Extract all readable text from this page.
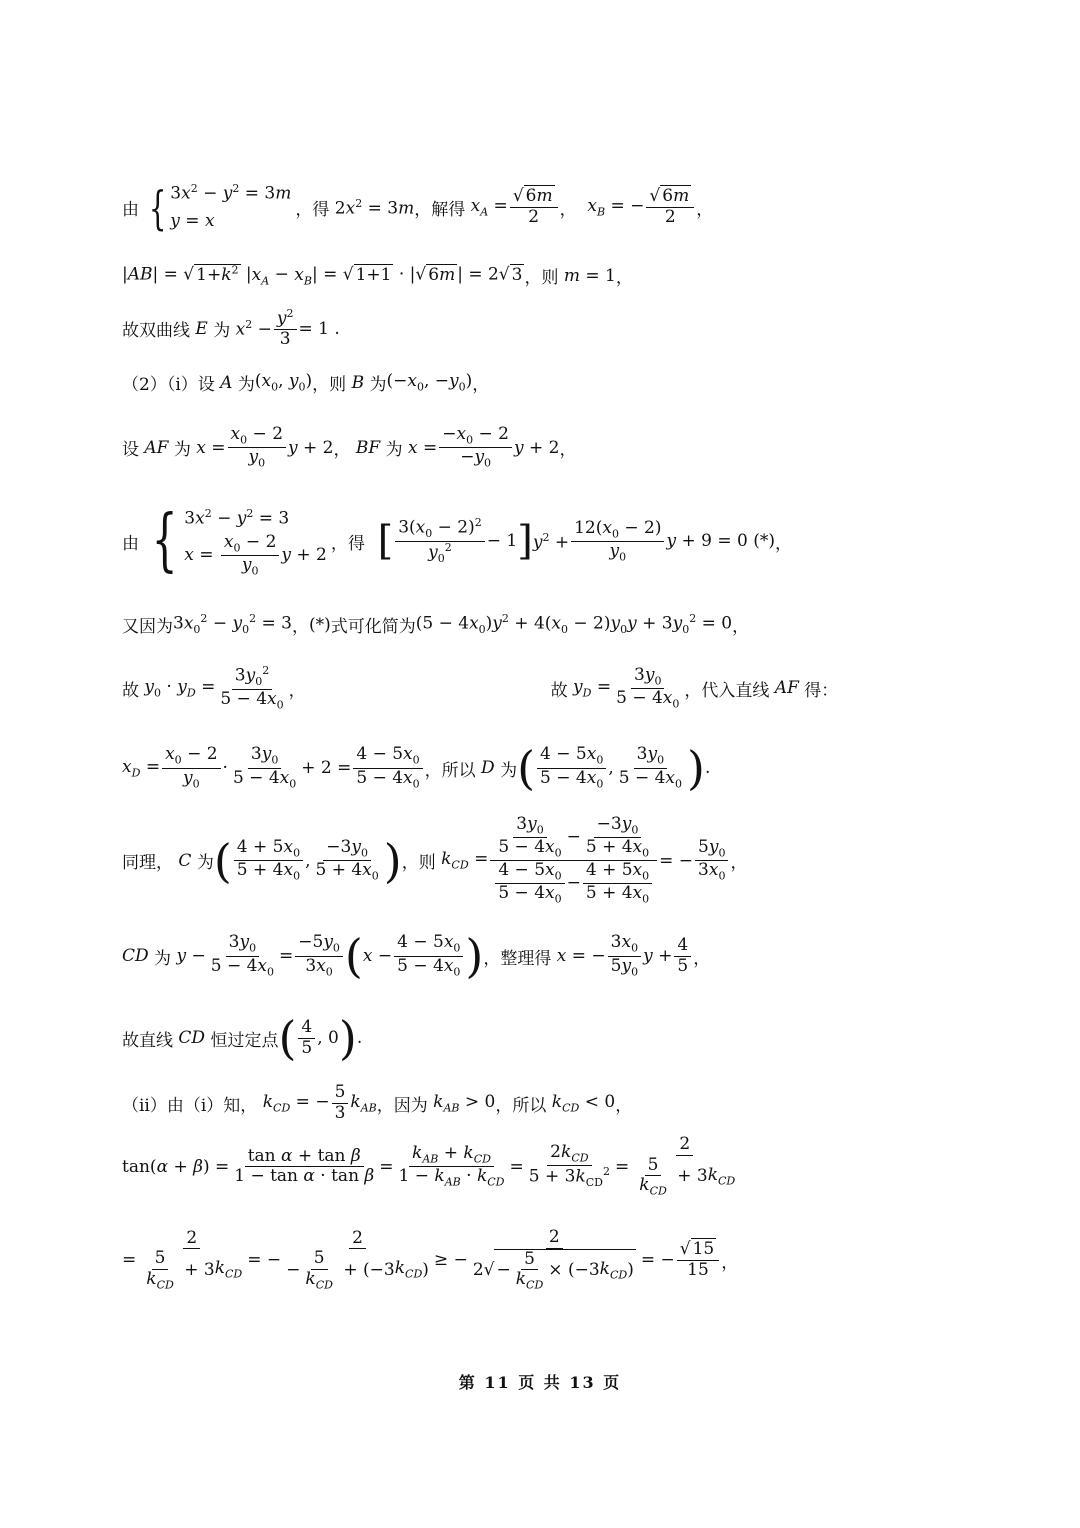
由 { $3x^2 - y^2 = 3m$
y = x
，得 $2x^2 = 3m$ ，解得 $x_A = \frac{√ 6m}{2}$ ， $x_B$ = − $\frac{√ 6m}{2}$ ，
|AB| = √ $1+k^2$ $|x_A - x_B|$ = √ 1+1 · |√ 6m | = 2√ 3 ，则 m = 1 ，
故双曲线 E 为 $x^2 - \frac{y^2}{3} = 1$ .
（2）（i）设 A 为 ($x_0$, $y_0$) ，则 B 为 ($-x_0$, $-y_0$) ，
设 AF 为 $x = \frac{x_0 - 2}{y_0}$ y + 2 ， BF 为 $x = \frac{-x_0 - 2}{-y_0}$ y + 2 ，
由 { $3x^2 - y^2 = 3$
$x = \frac{x_0 - 2}{y_0}$ y + 2
，得 [ $\frac{3(x_0 - 2)^2}{y_0^2} - 1$ ] $y^2 + \frac{12(x_0 - 2)}{y_0}$ y + 9 = 0 (*) ，
又因为 $3x_0^2 - y_0^2 = 3$ ， (*) 式可化简为 $(5 - 4x_0)y^2 + 4(x_0 - 2)y_0y + 3y_0^2 = 0$ ，
故 $y_0 \cdot y_D = \frac{3y_0^2}{5 - 4x_0}$ ，	故 $y_D = \frac{3y_0}{5 - 4x_0}$ ，代入直线 AF 得：
$x_D = \frac{x_0 - 2}{y_0} \cdot \frac{3y_0}{5 - 4x_0} + 2 = \frac{4 - 5x_0}{5 - 4x_0}$ ，所以 D 为 ( $\frac{4 - 5x_0}{5 - 4x_0}$ , $\frac{3y_0}{5 - 4x_0}$ ) .
同理， C 为 ( $\frac{4 + 5x_0}{5 + 4x_0}$ , $\frac{-3y_0}{5 + 4x_0}$ ) ，则 $k_{CD} = \frac{\frac{3y_0}{5 - 4x_0} - \frac{-3y_0}{5 + 4x_0}}{\frac{4 - 5x_0}{5 - 4x_0} - \frac{4 + 5x_0}{5 + 4x_0}}$ = − $\frac{5y_0}{3x_0}$ ，
CD 为 $y - \frac{3y_0}{5 - 4x_0} = \frac{-5y_0}{3x_0}$ ( $x - \frac{4 - 5x_0}{5 - 4x_0}$ ) ，整理得 x = − $\frac{3x_0}{5y_0}$ $y + \frac{4}{5}$ ，
故直线 CD 恒过定点 ( $\frac{4}{5}$ , 0 ) .
（ii）由（i）知， $k_{CD}$ = − $\frac{5}{3} k_{AB}$ ，因为 $k_{AB} > 0$ ，所以 $k_{CD} < 0$ ，
$\tan(\alpha + \beta) = \frac{\text{tan α + tan β}}{\text{1 − tan α · tan β}} = \frac{k_{AB} + k_{CD}}{1 - k_{AB} \cdot k_{CD}} = \frac{2k_{CD}}{5 + 3k_{CD}^2} = \frac{2}{\frac{5}{k_{CD}} + 3 k_{CD}}$
= $\frac{2}{\frac{5}{k_{CD}} + 3 k_{CD}}$ = − $\frac{2}{- \frac{5}{k_{CD}} + (-3 k_{CD} )}$ ≥ − $\frac{2}{2√ - \frac{5}{k_{CD}} \times (-3 k_{CD} )}$ = − $\frac{√ 15}{15}$ ，
第 11 页 共 13 页
